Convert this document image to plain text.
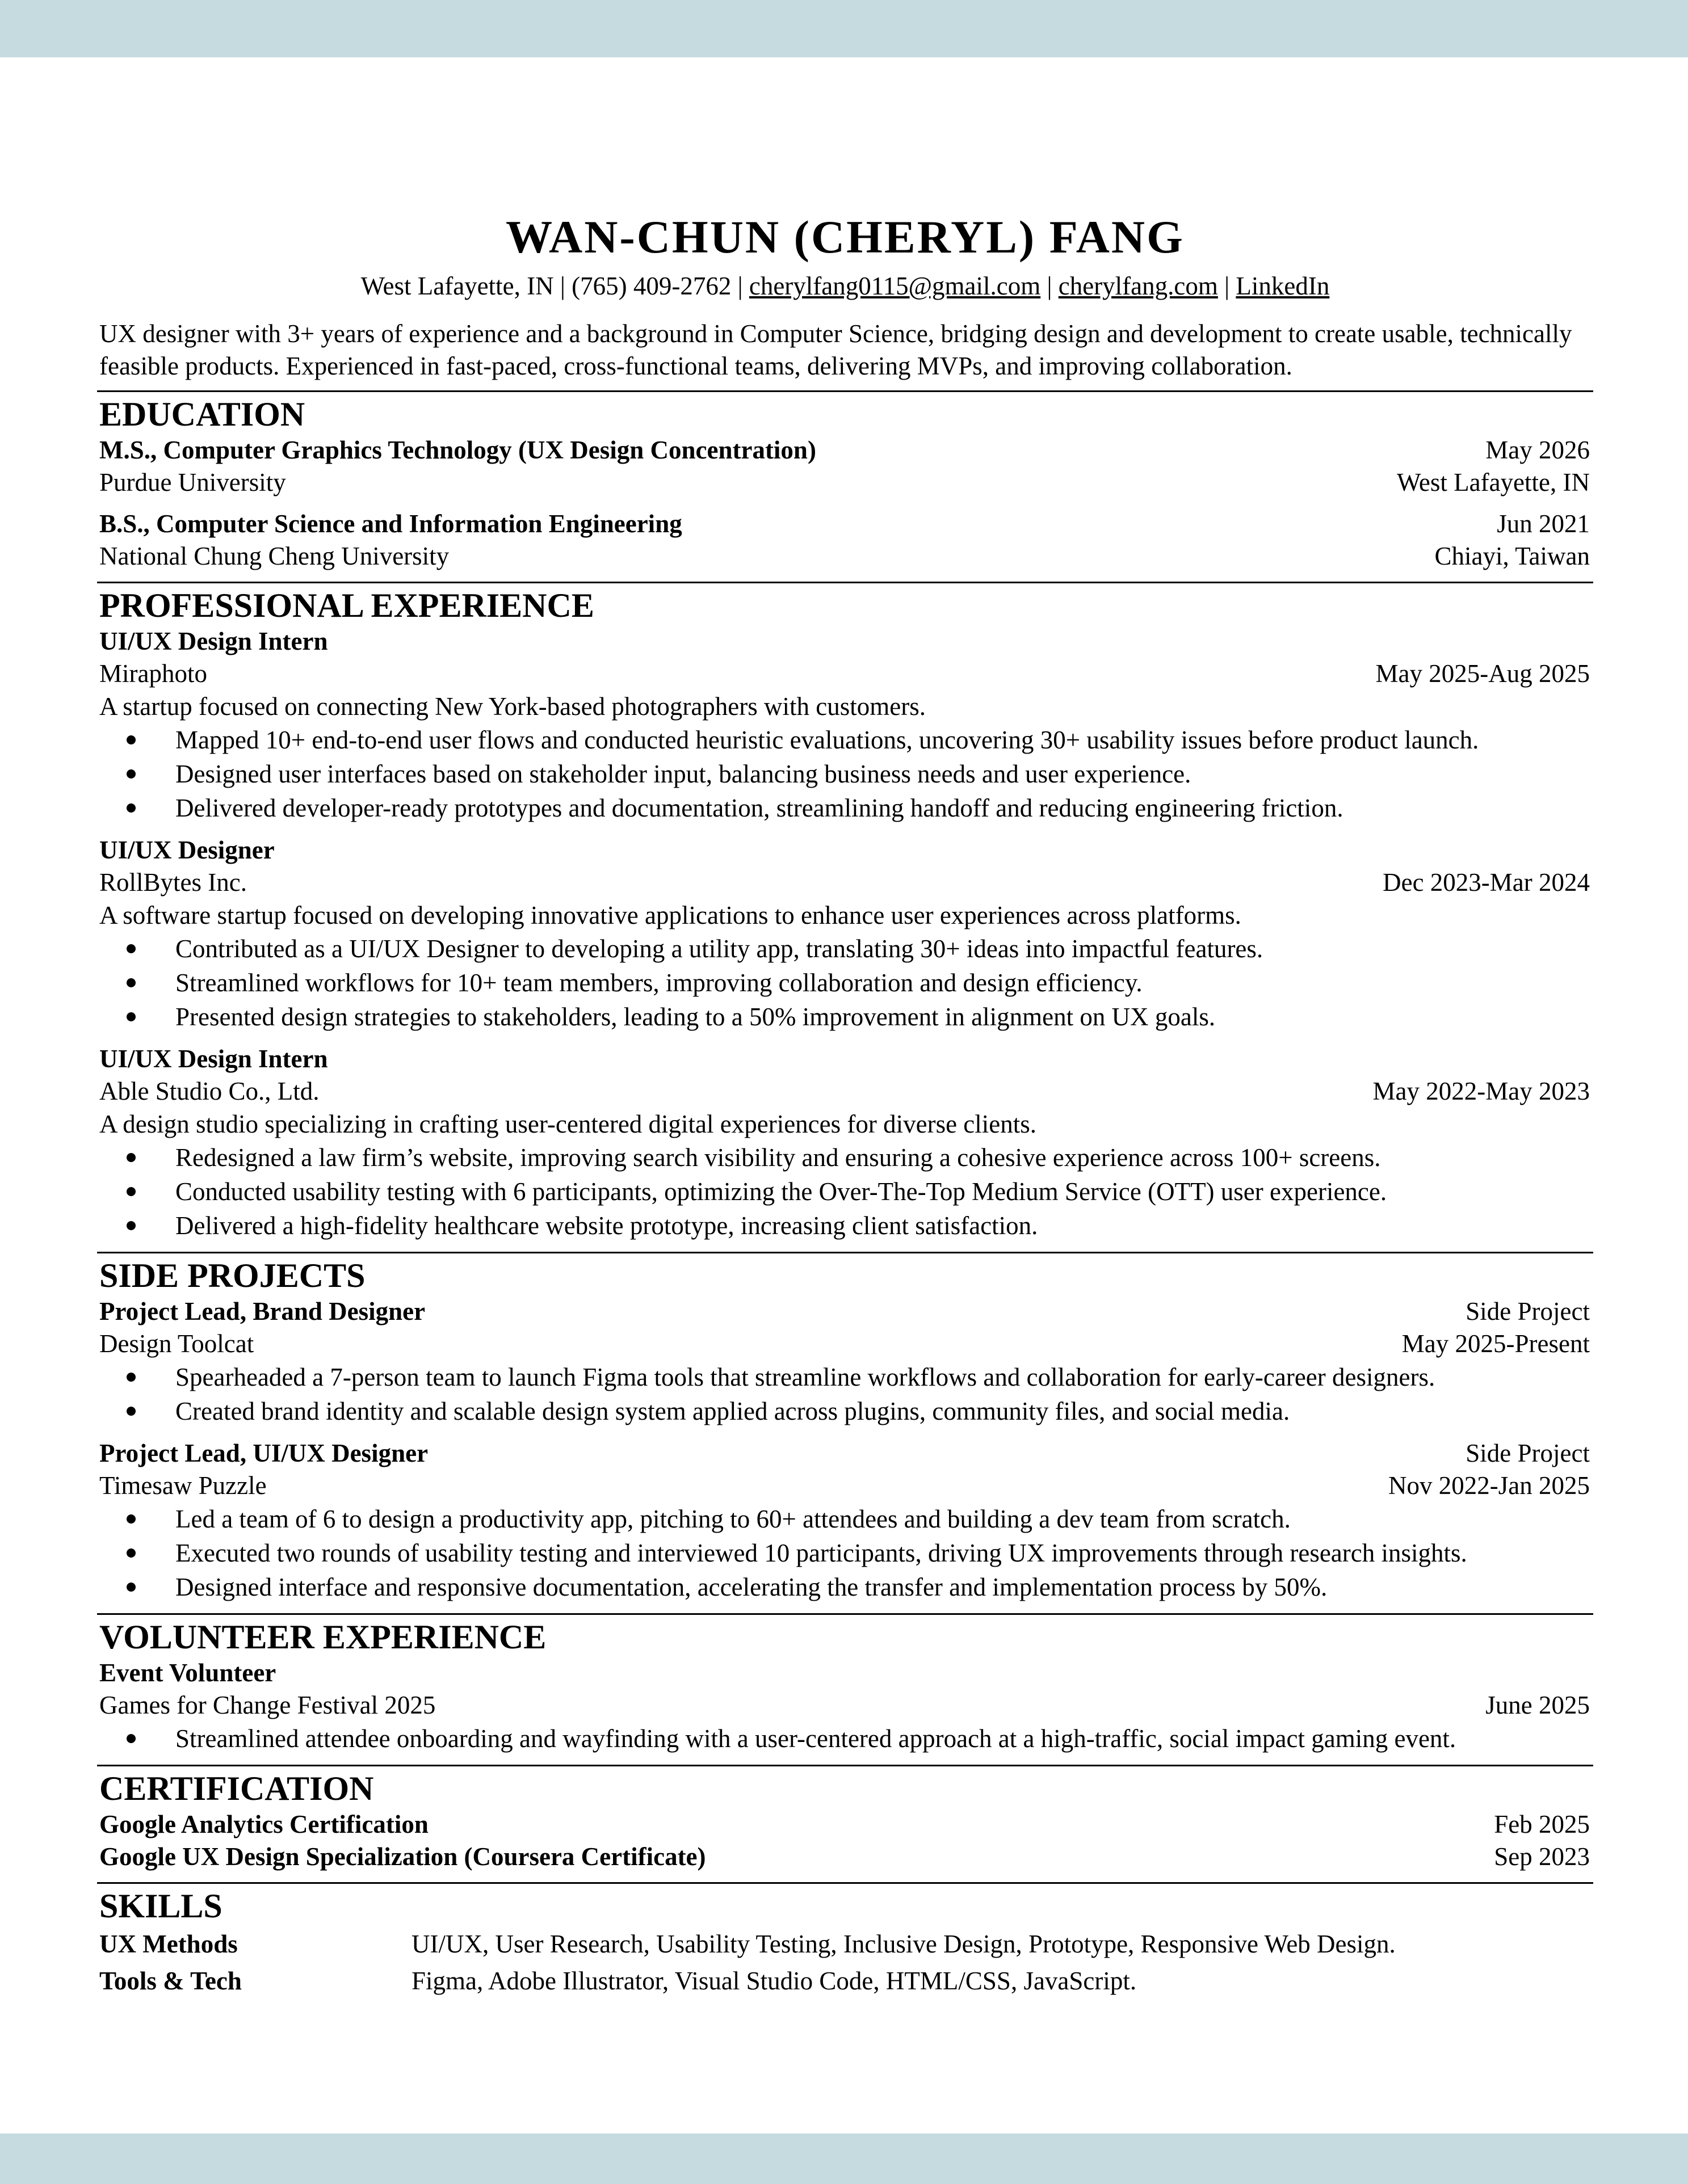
WAN-CHUN (CHERYL) FANG
West Lafayette, IN | (765) 409-2762 | cherylfang0115@gmail.com | cherylfang.com | LinkedIn
UX designer with 3+ years of experience and a background in Computer Science, bridging design and development to create usable, technically feasible products. Experienced in fast-paced, cross-functional teams, delivering MVPs, and improving collaboration.
EDUCATION
M.S., Computer Graphics Technology (UX Design Concentration)	May 2026
Purdue University	West Lafayette, IN
B.S., Computer Science and Information Engineering	Jun 2021
National Chung Cheng University	Chiayi, Taiwan
PROFESSIONAL EXPERIENCE
UI/UX Design Intern
Miraphoto	May 2025-Aug 2025
A startup focused on connecting New York-based photographers with customers.
Mapped 10+ end-to-end user flows and conducted heuristic evaluations, uncovering 30+ usability issues before product launch.
Designed user interfaces based on stakeholder input, balancing business needs and user experience.
Delivered developer-ready prototypes and documentation, streamlining handoff and reducing engineering friction.
UI/UX Designer
RollBytes Inc.	Dec 2023-Mar 2024
A software startup focused on developing innovative applications to enhance user experiences across platforms.
Contributed as a UI/UX Designer to developing a utility app, translating 30+ ideas into impactful features.
Streamlined workflows for 10+ team members, improving collaboration and design efficiency.
Presented design strategies to stakeholders, leading to a 50% improvement in alignment on UX goals.
UI/UX Design Intern
Able Studio Co., Ltd.	May 2022-May 2023
A design studio specializing in crafting user-centered digital experiences for diverse clients.
Redesigned a law firm’s website, improving search visibility and ensuring a cohesive experience across 100+ screens.
Conducted usability testing with 6 participants, optimizing the Over-The-Top Medium Service (OTT) user experience.
Delivered a high-fidelity healthcare website prototype, increasing client satisfaction.
SIDE PROJECTS
Project Lead, Brand Designer	Side Project
Design Toolcat	May 2025-Present
Spearheaded a 7-person team to launch Figma tools that streamline workflows and collaboration for early-career designers.
Created brand identity and scalable design system applied across plugins, community files, and social media.
Project Lead, UI/UX Designer	Side Project
Timesaw Puzzle	Nov 2022-Jan 2025
Led a team of 6 to design a productivity app, pitching to 60+ attendees and building a dev team from scratch.
Executed two rounds of usability testing and interviewed 10 participants, driving UX improvements through research insights.
Designed interface and responsive documentation, accelerating the transfer and implementation process by 50%.
VOLUNTEER EXPERIENCE
Event Volunteer
Games for Change Festival 2025	June 2025
Streamlined attendee onboarding and wayfinding with a user-centered approach at a high-traffic, social impact gaming event.
CERTIFICATION
Google Analytics Certification	Feb 2025
Google UX Design Specialization (Coursera Certificate)	Sep 2023
SKILLS
UX Methods	UI/UX, User Research, Usability Testing, Inclusive Design, Prototype, Responsive Web Design.
Tools & Tech	Figma, Adobe Illustrator, Visual Studio Code, HTML/CSS, JavaScript.
